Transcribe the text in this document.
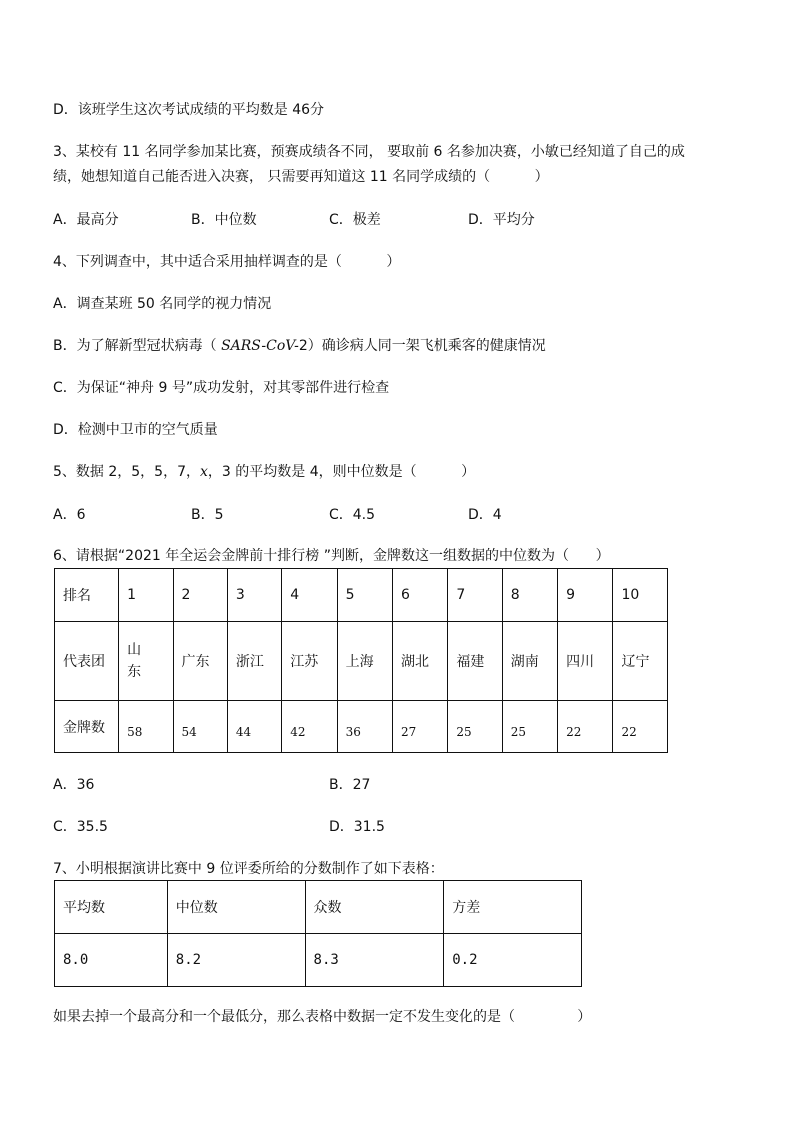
D．该班学生这次考试成绩的平均数是 46分
3、某校有 11 名同学参加某比赛，预赛成绩各不同， 要取前 6 名参加决赛，小敏已经知道了自己的成
绩，她想知道自己能否进入决赛， 只需要再知道这 11 名同学成绩的（          ）
A．最高分	B．中位数	C．极差	D．平均分
4、下列调查中，其中适合采用抽样调查的是（          ）
A．调查某班 50 名同学的视力情况
B．为了解新型冠状病毒（ SARS-CoV-2）确诊病人同一架飞机乘客的健康情况
C．为保证“神舟 9 号”成功发射，对其零部件进行检查
D．检测中卫市的空气质量
5、数据 2，5，5，7，x，3 的平均数是 4，则中位数是（          ）
A．6	B．5	C．4.5	D．4
6、请根据“2021 年全运会金牌前十排行榜 ”判断，金牌数这一组数据的中位数为（      ）
排名	1	2	3	4	5	6	7	8	9	10
代表团	山东	广东	浙江	江苏	上海	湖北	福建	湖南	四川	辽宁
金牌数	58	54	44	42	36	27	25	25	22	22
A．36	B．27
C．35.5	D．31.5
7、小明根据演讲比赛中 9 位评委所给的分数制作了如下表格：
平均数	中位数	众数	方差
8.0	8.2	8.3	0.2
如果去掉一个最高分和一个最低分，那么表格中数据一定不发生变化的是（              ）
